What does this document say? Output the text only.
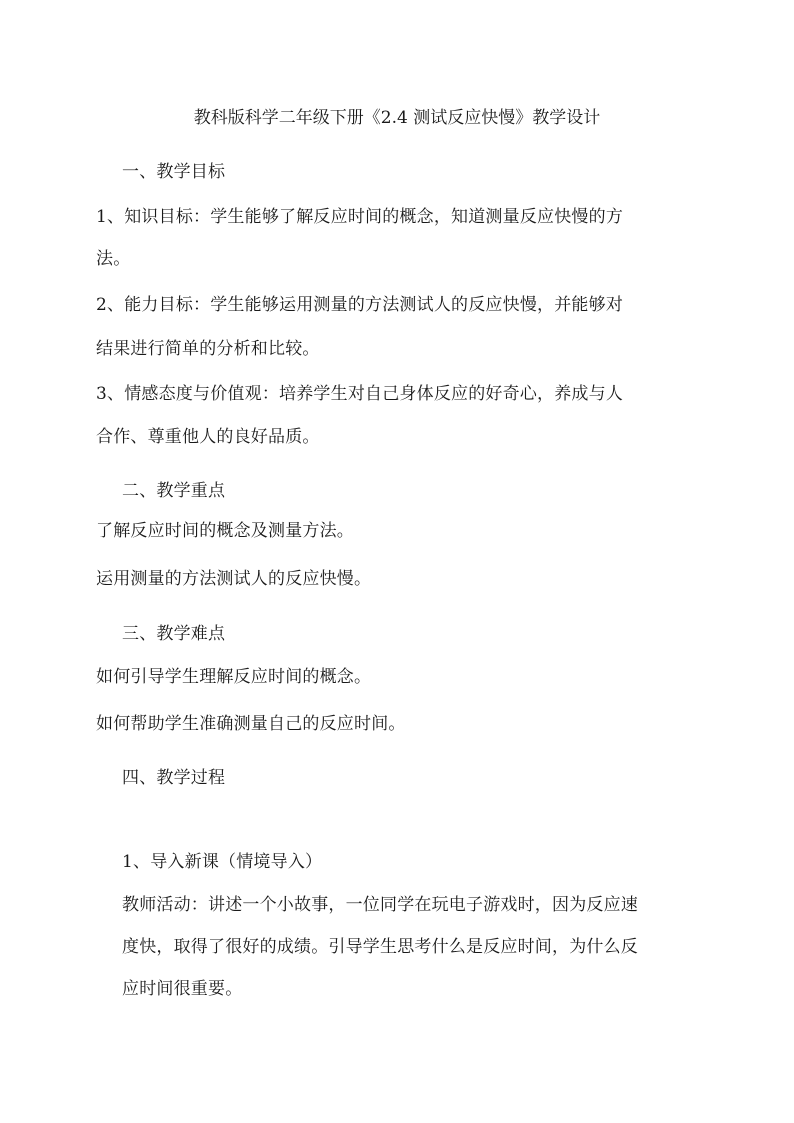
教科版科学二年级下册《2.4 测试反应快慢》教学设计
一、教学目标
1、知识目标：学生能够了解反应时间的概念，知道测量反应快慢的方
法。
2、能力目标：学生能够运用测量的方法测试人的反应快慢，并能够对
结果进行简单的分析和比较。
3、情感态度与价值观：培养学生对自己身体反应的好奇心，养成与人
合作、尊重他人的良好品质。
二、教学重点
了解反应时间的概念及测量方法。
运用测量的方法测试人的反应快慢。
三、教学难点
如何引导学生理解反应时间的概念。
如何帮助学生准确测量自己的反应时间。
四、教学过程
1、导入新课（情境导入）
教师活动：讲述一个小故事，一位同学在玩电子游戏时，因为反应速
度快，取得了很好的成绩。引导学生思考什么是反应时间，为什么反
应时间很重要。
